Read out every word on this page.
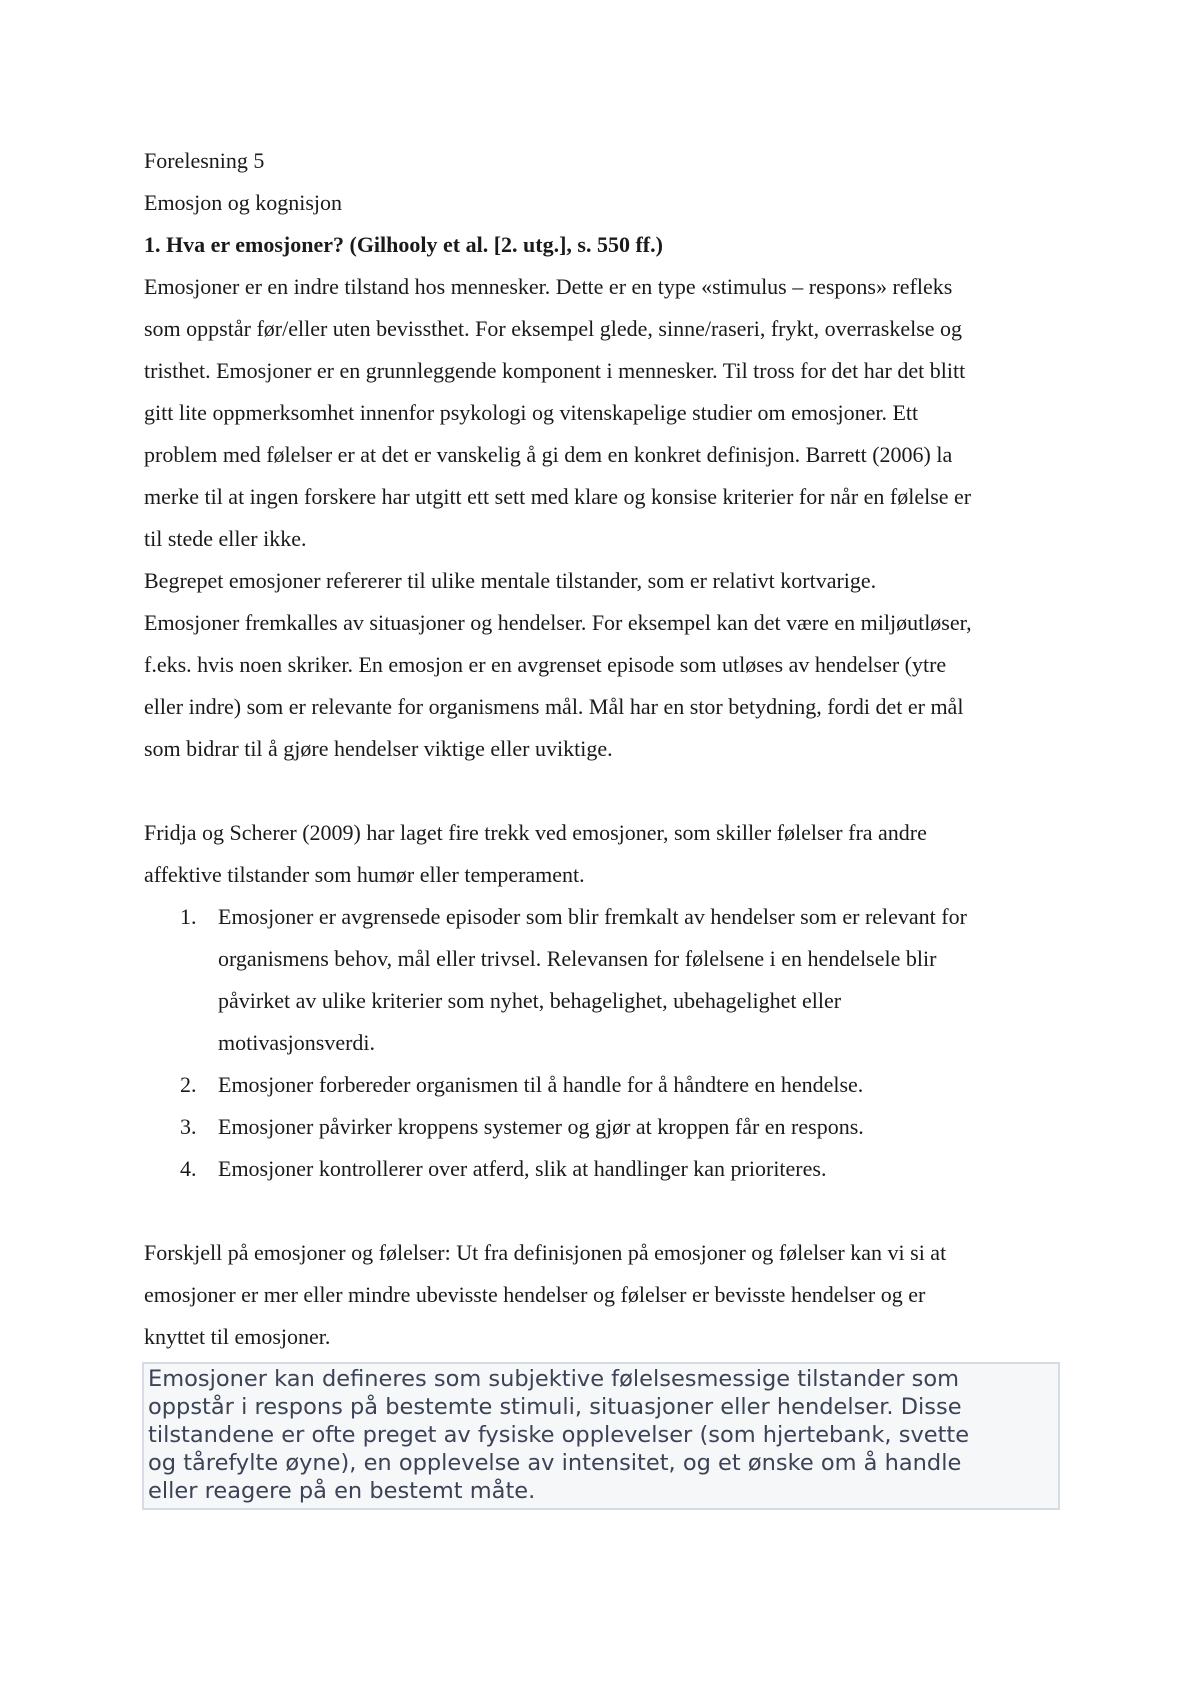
Forelesning 5

Emosjon og kognisjon

1. Hva er emosjoner? (Gilhooly et al. [2. utg.], s. 550 ff.)

Emosjoner er en indre tilstand hos mennesker. Dette er en type «stimulus – respons» refleks

som oppstår før/eller uten bevissthet. For eksempel glede, sinne/raseri, frykt, overraskelse og

tristhet. Emosjoner er en grunnleggende komponent i mennesker. Til tross for det har det blitt

gitt lite oppmerksomhet innenfor psykologi og vitenskapelige studier om emosjoner. Ett

problem med følelser er at det er vanskelig å gi dem en konkret definisjon. Barrett (2006) la

merke til at ingen forskere har utgitt ett sett med klare og konsise kriterier for når en følelse er

til stede eller ikke.

Begrepet emosjoner refererer til ulike mentale tilstander, som er relativt kortvarige.

Emosjoner fremkalles av situasjoner og hendelser. For eksempel kan det være en miljøutløser,

f.eks. hvis noen skriker. En emosjon er en avgrenset episode som utløses av hendelser (ytre

eller indre) som er relevante for organismens mål. Mål har en stor betydning, fordi det er mål

som bidrar til å gjøre hendelser viktige eller uviktige.

Fridja og Scherer (2009) har laget fire trekk ved emosjoner, som skiller følelser fra andre

affektive tilstander som humør eller temperament.

1. Emosjoner er avgrensede episoder som blir fremkalt av hendelser som er relevant for

organismens behov, mål eller trivsel. Relevansen for følelsene i en hendelsele blir

påvirket av ulike kriterier som nyhet, behagelighet, ubehagelighet eller

motivasjonsverdi.

2. Emosjoner forbereder organismen til å handle for å håndtere en hendelse.

3. Emosjoner påvirker kroppens systemer og gjør at kroppen får en respons.

4. Emosjoner kontrollerer over atferd, slik at handlinger kan prioriteres.

Forskjell på emosjoner og følelser: Ut fra definisjonen på emosjoner og følelser kan vi si at

emosjoner er mer eller mindre ubevisste hendelser og følelser er bevisste hendelser og er

knyttet til emosjoner.

Emosjoner kan defineres som subjektive følelsesmessige tilstander som
oppstår i respons på bestemte stimuli, situasjoner eller hendelser. Disse
tilstandene er ofte preget av fysiske opplevelser (som hjertebank, svette
og tårefylte øyne), en opplevelse av intensitet, og et ønske om å handle
eller reagere på en bestemt måte.
